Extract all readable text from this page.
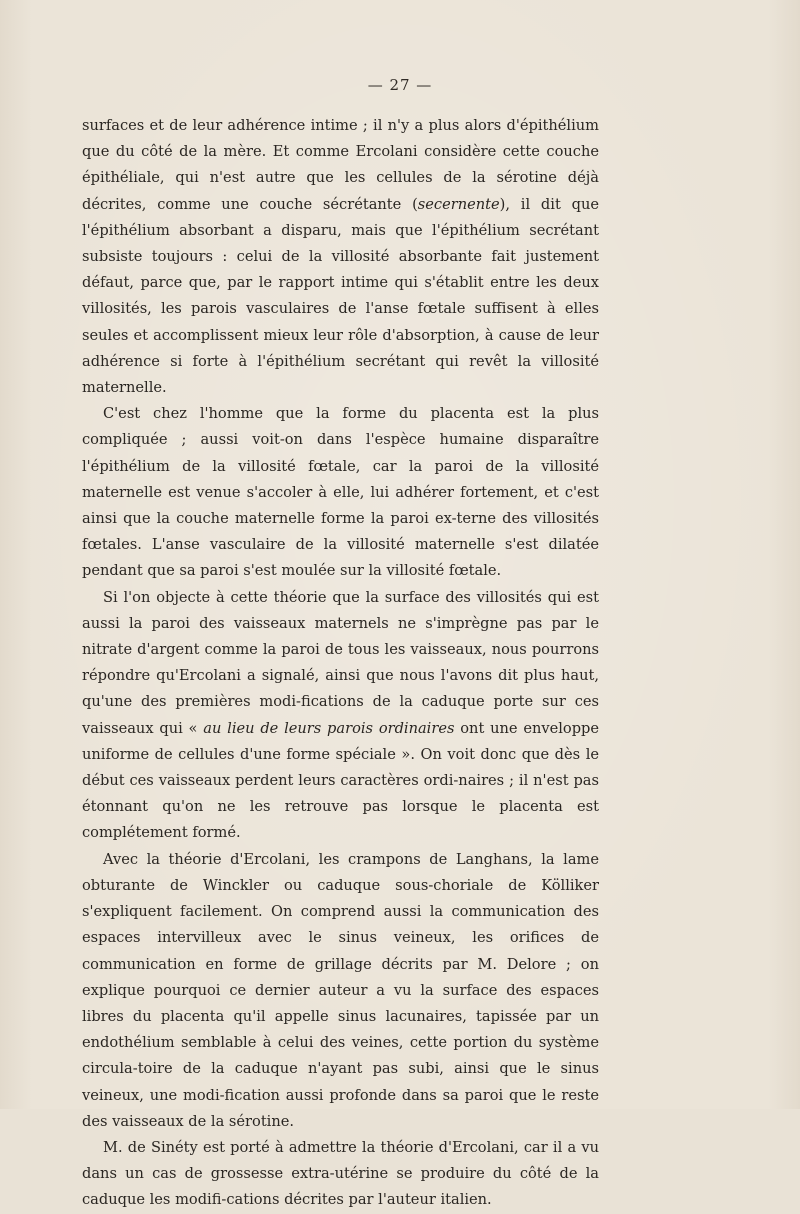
— 27 —

surfaces et de leur adhérence intime ; il n'y a plus alors d'épithélium que du côté de la mère. Et comme Ercolani considère cette couche épithéliale, qui n'est autre que les cellules de la sérotine déjà décrites, comme une couche sécrétante (secernente), il dit que l'épithélium absorbant a disparu, mais que l'épithélium secrétant subsiste toujours : celui de la villosité absorbante fait justement défaut, parce que, par le rapport intime qui s'établit entre les deux villosités, les parois vasculaires de l'anse fœtale suffisent à elles seules et accomplissent mieux leur rôle d'absorption, à cause de leur adhérence si forte à l'épithélium secrétant qui revêt la villosité maternelle.

C'est chez l'homme que la forme du placenta est la plus compliquée ; aussi voit-on dans l'espèce humaine disparaître l'épithélium de la villosité fœtale, car la paroi de la villosité maternelle est venue s'accoler à elle, lui adhérer fortement, et c'est ainsi que la couche maternelle forme la paroi ex-terne des villosités fœtales. L'anse vasculaire de la villosité maternelle s'est dilatée pendant que sa paroi s'est moulée sur la villosité fœtale.

Si l'on objecte à cette théorie que la surface des villosités qui est aussi la paroi des vaisseaux maternels ne s'imprègne pas par le nitrate d'argent comme la paroi de tous les vaisseaux, nous pourrons répondre qu'Ercolani a signalé, ainsi que nous l'avons dit plus haut, qu'une des premières modi-fications de la caduque porte sur ces vaisseaux qui « au lieu de leurs parois ordinaires ont une enveloppe uniforme de cellules d'une forme spéciale ». On voit donc que dès le début ces vaisseaux perdent leurs caractères ordi-naires ; il n'est pas étonnant qu'on ne les retrouve pas lorsque le placenta est complétement formé.

Avec la théorie d'Ercolani, les crampons de Langhans, la lame obturante de Winckler ou caduque sous-choriale de Kölliker s'expliquent facilement. On comprend aussi la communication des espaces intervilleux avec le sinus veineux, les orifices de communication en forme de grillage décrits par M. Delore ; on explique pourquoi ce dernier auteur a vu la surface des espaces libres du placenta qu'il appelle sinus lacunaires, tapissée par un endothélium semblable à celui des veines, cette portion du système circula-toire de la caduque n'ayant pas subi, ainsi que le sinus veineux, une modi-fication aussi profonde dans sa paroi que le reste des vaisseaux de la sérotine.

M. de Sinéty est porté à admettre la théorie d'Ercolani, car il a vu dans un cas de grossesse extra-utérine se produire du côté de la caduque les modifi-cations décrites par l'auteur italien.
